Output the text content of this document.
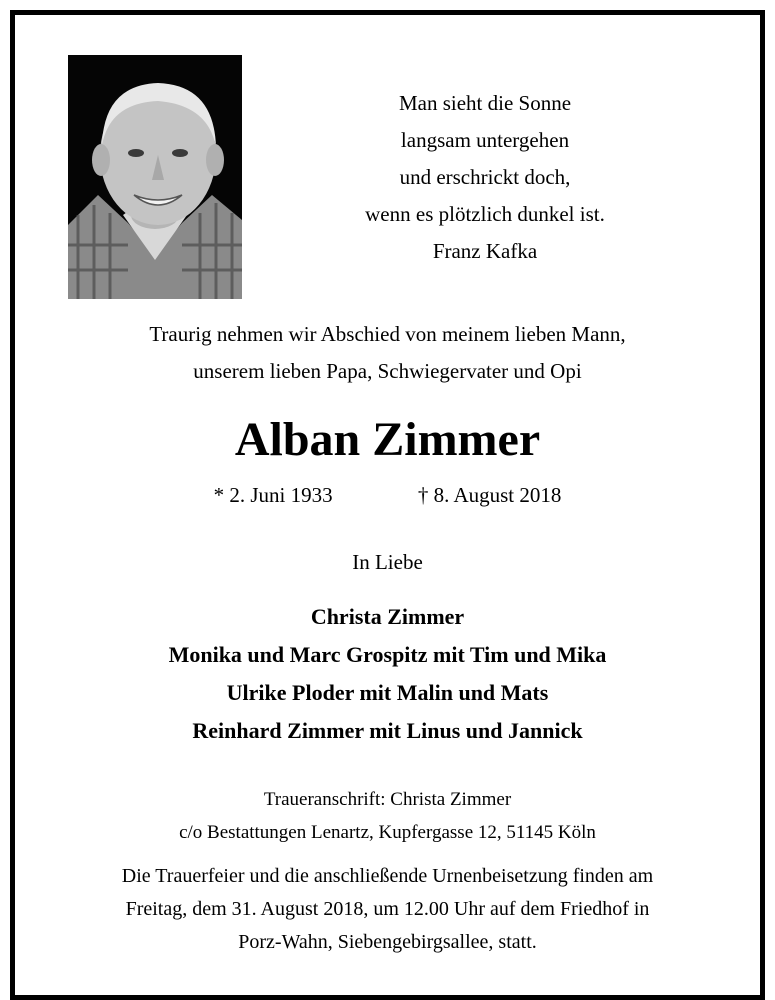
Man sieht die Sonne
langsam untergehen
und erschrickt doch,
wenn es plötzlich dunkel ist.
Franz Kafka
Traurig nehmen wir Abschied von meinem lieben Mann,
unserem lieben Papa, Schwiegervater und Opi
Alban Zimmer
* 2. Juni 1933	† 8. August 2018
In Liebe
Christa Zimmer
Monika und Marc Grospitz mit Tim und Mika
Ulrike Ploder mit Malin und Mats
Reinhard Zimmer mit Linus und Jannick
Traueranschrift: Christa Zimmer
c/o Bestattungen Lenartz, Kupfergasse 12, 51145 Köln
Die Trauerfeier und die anschließende Urnenbeisetzung finden am
Freitag, dem 31. August 2018, um 12.00 Uhr auf dem Friedhof in
Porz-Wahn, Siebengebirgsallee, statt.
